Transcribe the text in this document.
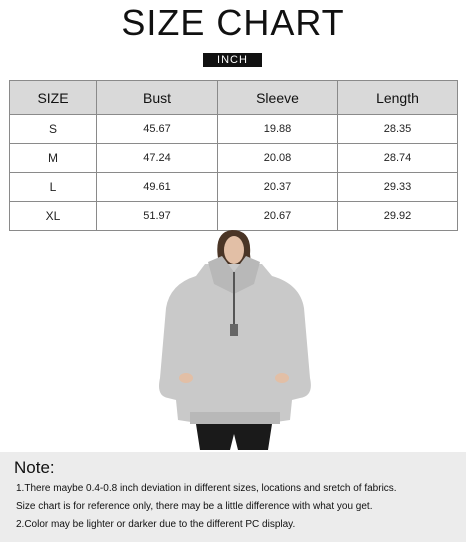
SIZE CHART
INCH
SIZE	Bust	Sleeve	Length
S	45.67	19.88	28.35
M	47.24	20.08	28.74
L	49.61	20.37	29.33
XL	51.97	20.67	29.92
Note:
1.There maybe 0.4-0.8 inch deviation in different sizes, locations and sretch of fabrics.
Size chart is for reference only, there may be a little difference with what you get.
2.Color may be lighter or darker due to the different PC display.
